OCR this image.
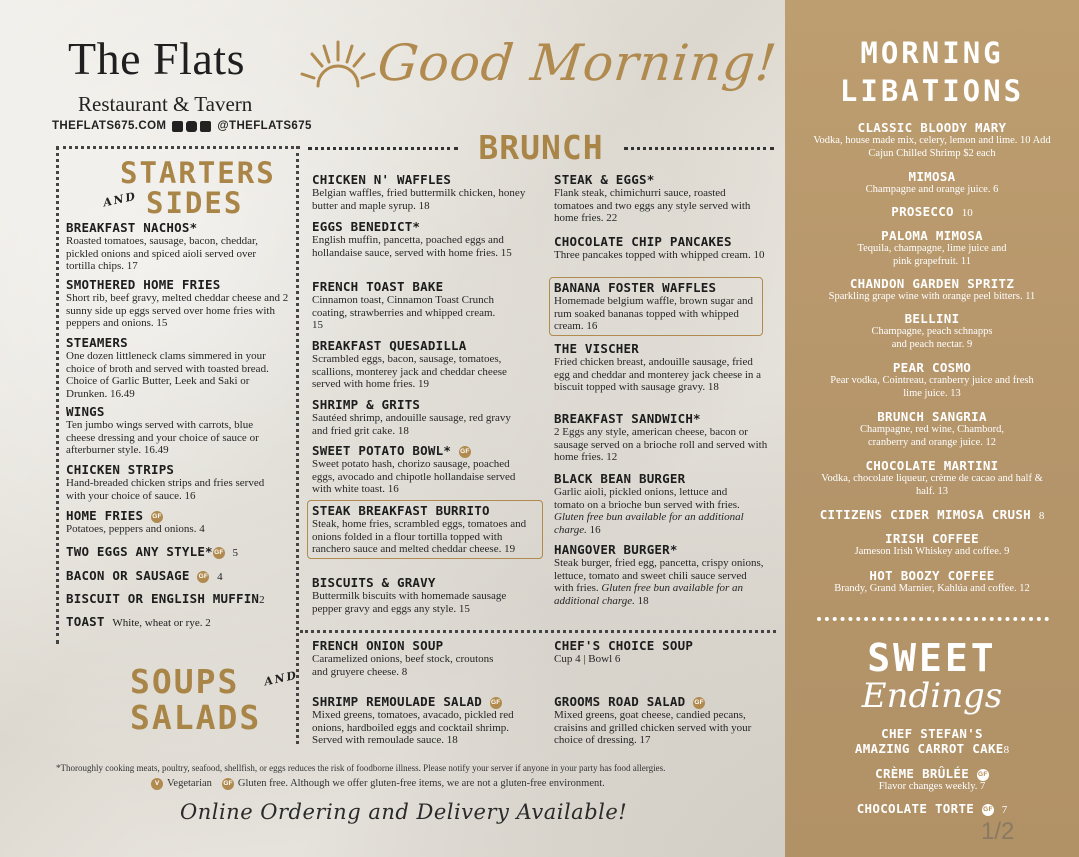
The Flats
Restaurant & Tavern
THEFLATS675.COM	@THEFLATS675
Good Morning!
BRUNCH
STARTERS
AND SIDES
BREAKFAST NACHOS*
Roasted tomatoes, sausage, bacon, cheddar, pickled onions and spiced aioli served over tortilla chips. 17
SMOTHERED HOME FRIES
Short rib, beef gravy, melted cheddar cheese and 2 sunny side up eggs served over home fries with peppers and onions. 15
STEAMERS
One dozen littleneck clams simmered in your choice of broth and served with toasted bread. Choice of Garlic Butter, Leek and Saki or Drunken. 16.49
WINGS
Ten jumbo wings served with carrots, blue cheese dressing and your choice of sauce or afterburner style. 16.49
CHICKEN STRIPS
Hand-breaded chicken strips and fries served with your choice of sauce. 16
HOME FRIES GF
Potatoes, peppers and onions. 4
TWO EGGS ANY STYLE*GF 5
BACON OR SAUSAGE GF 4
BISCUIT OR ENGLISH MUFFIN2
TOAST White, wheat or rye. 2
SOUPS AND
SALADS
CHICKEN N' WAFFLES
Belgian waffles, fried buttermilk chicken, honey butter and maple syrup. 18
EGGS BENEDICT*
English muffin, pancetta, poached eggs and hollandaise sauce, served with home fries. 15
FRENCH TOAST BAKE
Cinnamon toast, Cinnamon Toast Crunch coating, strawberries and whipped cream. 15
BREAKFAST QUESADILLA
Scrambled eggs, bacon, sausage, tomatoes, scallions, monterey jack and cheddar cheese served with home fries. 19
SHRIMP & GRITS
Sautéed shrimp, andouille sausage, red gravy and fried grit cake. 18
SWEET POTATO BOWL* GF
Sweet potato hash, chorizo sausage, poached eggs, avocado and chipotle hollandaise served with white toast. 16
STEAK BREAKFAST BURRITO
Steak, home fries, scrambled eggs, tomatoes and onions folded in a flour tortilla topped with ranchero sauce and melted cheddar cheese. 19
BISCUITS & GRAVY
Buttermilk biscuits with homemade sausage pepper gravy and eggs any style. 15
STEAK & EGGS*
Flank steak, chimichurri sauce, roasted tomatoes and two eggs any style served with home fries. 22
CHOCOLATE CHIP PANCAKES
Three pancakes topped with whipped cream. 10
BANANA FOSTER WAFFLES
Homemade belgium waffle, brown sugar and rum soaked bananas topped with whipped cream. 16
THE VISCHER
Fried chicken breast, andouille sausage, fried egg and cheddar and monterey jack cheese in a biscuit topped with sausage gravy. 18
BREAKFAST SANDWICH*
2 Eggs any style, american cheese, bacon or sausage served on a brioche roll and served with home fries. 12
BLACK BEAN BURGER
Garlic aioli, pickled onions, lettuce and tomato on a brioche bun served with fries. Gluten free bun available for an additional charge. 16
HANGOVER BURGER*
Steak burger, fried egg, pancetta, crispy onions, lettuce, tomato and sweet chili sauce served with fries. Gluten free bun available for an additional charge. 18
FRENCH ONION SOUP
Caramelized onions, beef stock, croutons and gruyere cheese. 8
CHEF'S CHOICE SOUP
Cup 4 | Bowl 6
SHRIMP REMOULADE SALAD GF
Mixed greens, tomatoes, avacado, pickled red onions, hardboiled eggs and cocktail shrimp. Served with remoulade sauce. 18
GROOMS ROAD SALAD GF
Mixed greens, goat cheese, candied pecans, craisins and grilled chicken served with your choice of dressing. 17
*Thoroughly cooking meats, poultry, seafood, shellfish, or eggs reduces the risk of foodborne illness. Please notify your server if anyone in your party has food allergies.
V Vegetarian GF Gluten free. Although we offer gluten-free items, we are not a gluten-free environment.
Online Ordering and Delivery Available!
MORNING
LIBATIONS
CLASSIC BLOODY MARY
Vodka, house made mix, celery, lemon and lime. 10 Add Cajun Chilled Shrimp $2 each
MIMOSA
Champagne and orange juice. 6
PROSECCO 10
PALOMA MIMOSA
Tequila, champagne, lime juice and pink grapefruit. 11
CHANDON GARDEN SPRITZ
Sparkling grape wine with orange peel bitters. 11
BELLINI
Champagne, peach schnapps and peach nectar. 9
PEAR COSMO
Pear vodka, Cointreau, cranberry juice and fresh lime juice. 13
BRUNCH SANGRIA
Champagne, red wine, Chambord, cranberry and orange juice. 12
CHOCOLATE MARTINI
Vodka, chocolate liqueur, crème de cacao and half & half. 13
CITIZENS CIDER MIMOSA CRUSH 8
IRISH COFFEE
Jameson Irish Whiskey and coffee. 9
HOT BOOZY COFFEE
Brandy, Grand Marnier, Kahlúa and coffee. 12
SWEET
Endings
CHEF STEFAN'S
AMAZING CARROT CAKE8
CRÈME BRÛLÉE GF
Flavor changes weekly. 7
CHOCOLATE TORTE GF 7
1/2
